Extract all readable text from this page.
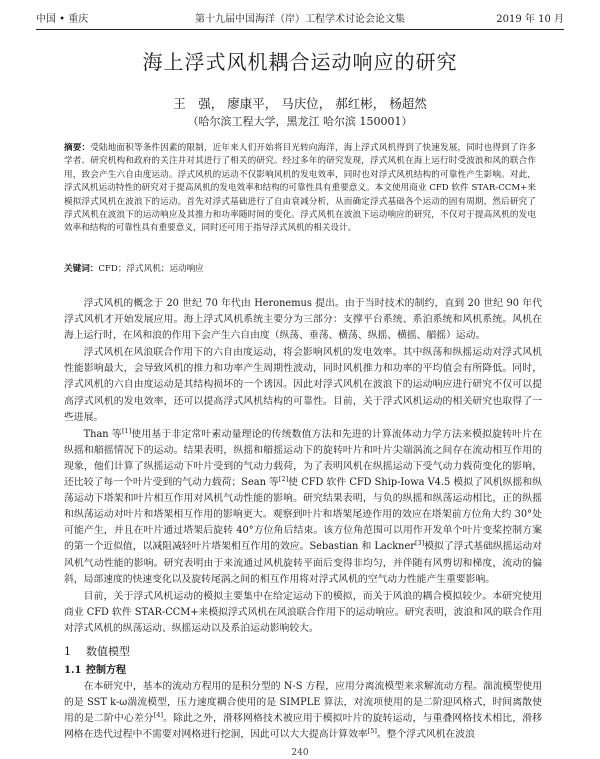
中国 • 重庆	第十九届中国海洋（岸）工程学术讨论会论文集	2019 年 10 月
海上浮式风机耦合运动响应的研究
王　强， 廖康平， 马庆位， 郝红彬， 杨超然
（哈尔滨工程大学，黑龙江 哈尔滨 150001）
摘要：受陆地面积等条件因素的限制，近年来人们开始将目光转向海洋，海上浮式风机得到了快速发展，同时也得到了许多学者、研究机构和政府的关注并对其进行了相关的研究。经过多年的研究发现，浮式风机在海上运行时受波浪和风的联合作用，致会产生六自由度运动。浮式风机的运动不仅影响风机的发电效率，同时也对浮式风机结构的可靠性产生影响。对此，浮式风机运动特性的研究对于提高风机的发电效率和结构的可靠性具有重要意义。本文使用商业 CFD 软件 STAR-CCM+来模拟浮式风机在波浪下的运动。首先对浮式基础进行了自由衰减分析，从而确定浮式基础各个运动的固有周期，然后研究了浮式风机在波浪下的运动响应及其推力和功率随时间的变化。浮式风机在波浪下运动响应的研究，不仅对于提高风机的发电效率和结构的可靠性具有重要意义，同时还可用于指导浮式风机的相关设计。
关键词：CFD；浮式风机；运动响应

浮式风机的概念于 20 世纪 70 年代由 Heronemus 提出。由于当时技术的制约，直到 20 世纪 90 年代浮式风机才开始发展应用。海上浮式风机系统主要分为三部分：支撑平台系统、系泊系统和风机系统。风机在海上运行时，在风和浪的作用下会产生六自由度（纵荡、垂荡、横荡、纵摇、横摇、艏摇）运动。

浮式风机在风浪联合作用下的六自由度运动，将会影响风机的发电效率。其中纵荡和纵摇运动对浮式风机性能影响最大，会导致风机的推力和功率产生周期性波动，同时风机推力和功率的平均值会有所降低。同时，浮式风机的六自由度运动是其结构损坏的一个诱因。因此对浮式风机在波浪下的运动响应进行研究不仅可以提高浮式风机的发电效率，还可以提高浮式风机结构的可靠性。目前，关于浮式风机运动的相关研究也取得了一些进展。

Than 等[1]使用基于非定常叶素动量理论的传统数值方法和先进的计算流体动力学方法来模拟旋转叶片在纵摇和艏摇情况下的运动。结果表明，纵摇和艏摇运动下的旋转叶片和叶片尖端涡流之间存在流动相互作用的现象，他们计算了纵摇运动下叶片受到的气动力载荷，为了表明风机在纵摇运动下受气动力载荷变化的影响，还比较了每一个叶片受到的气动力载荷；Sean 等[2]使 CFD 软件 CFD Ship-Iowa V4.5 模拟了风机纵摇和纵荡运动下塔架和叶片相互作用对风机气动性能的影响。研究结果表明，与负的纵摇和纵荡运动相比，正的纵摇和纵荡运动对叶片和塔架相互作用的影响更大。观察到叶片和塔架尾迹作用的效应在塔架前方位角大约 30°处可能产生，并且在叶片通过塔架后旋转 40°方位角后结束。该方位角范围可以用作开发单个叶片变桨控制方案的第一个近似值，以减阻减轻叶片塔架相互作用的效应。Sebastian 和 Lackner[3]模拟了浮式基础纵摇运动对风机气动性能的影响。研究表明由于来流通过风机旋转平面后变得非均匀，并伴随有风剪切和梯度，流动的偏斜，局部速度的快速变化以及旋转尾涡之间的相互作用将对浮式风机的空气动力性能产生重要影响。

目前，关于浮式风机运动的模拟主要集中在给定运动下的模拟，而关于风浪的耦合模拟较少。本研究使用商业 CFD 软件 STAR-CCM+来模拟浮式风机在风浪联合作用下的运动响应。研究表明，波浪和风的联合作用对浮式风机的纵荡运动、纵摇运动以及系泊运动影响较大。

1 数值模型
1.1 控制方程

在本研究中，基本的流动方程用的是积分型的 N-S 方程，应用分离流模型来求解流动方程。湍流模型使用的是 SST k-ω湍流模型，压力速度耦合使用的是 SIMPLE 算法，对流项使用的是二阶迎风格式，时间离散使用的是二阶中心差分[4]。除此之外，滑移网格技术被应用于模拟叶片的旋转运动，与重叠网格技术相比，滑移网格在迭代过程中不需要对网格进行挖洞，因此可以大大提高计算效率[5]。整个浮式风机在波浪

240
